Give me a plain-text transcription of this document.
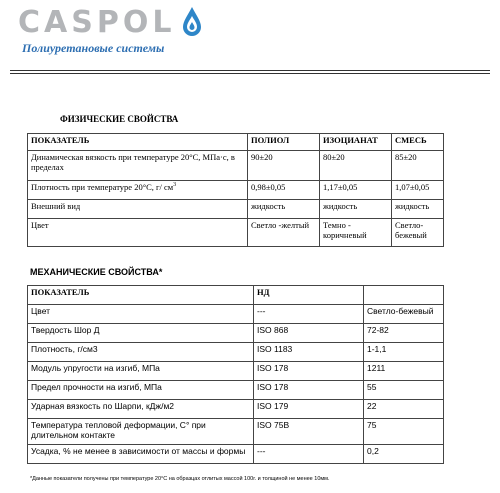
CASPOL
Полиуретановые системы
ФИЗИЧЕСКИЕ СВОЙСТВА
ПОКАЗАТЕЛЬ	ПОЛИОЛ	ИЗОЦИАНАТ	СМЕСЬ
Динамическая вязкость при температуре 20°С, МПа·с, в пределах	90±20	80±20	85±20
Плотность при температуре 20°С, г/ $см^3$	0,98±0,05	1,17±0,05	1,07±0,05
Внешний вид	жидкость	жидкость	жидкость
Цвет	Светло -желтый	Темно - коричневый	Светло-бежевый
МЕХАНИЧЕСКИЕ СВОЙСТВА*
ПОКАЗАТЕЛЬ	НД	
Цвет	---	Светло-бежевый
Твердость Шор Д	ISO 868	72-82
Плотность, г/см3	ISO 1183	1-1,1
Модуль упругости на изгиб, МПа	ISO 178	1211
Предел прочности на изгиб, МПа	ISO 178	55
Ударная вязкость по Шарпи, кДж/м2	ISO 179	22
Температура тепловой деформации, С° при длительном контакте	ISO 75B	75
Усадка, % не менее в зависимости от массы и формы	---	0,2
*Данные показатели получены при температуре 20°С на образцах отлитых массой 100г. и толщиной не менее 10мм.
